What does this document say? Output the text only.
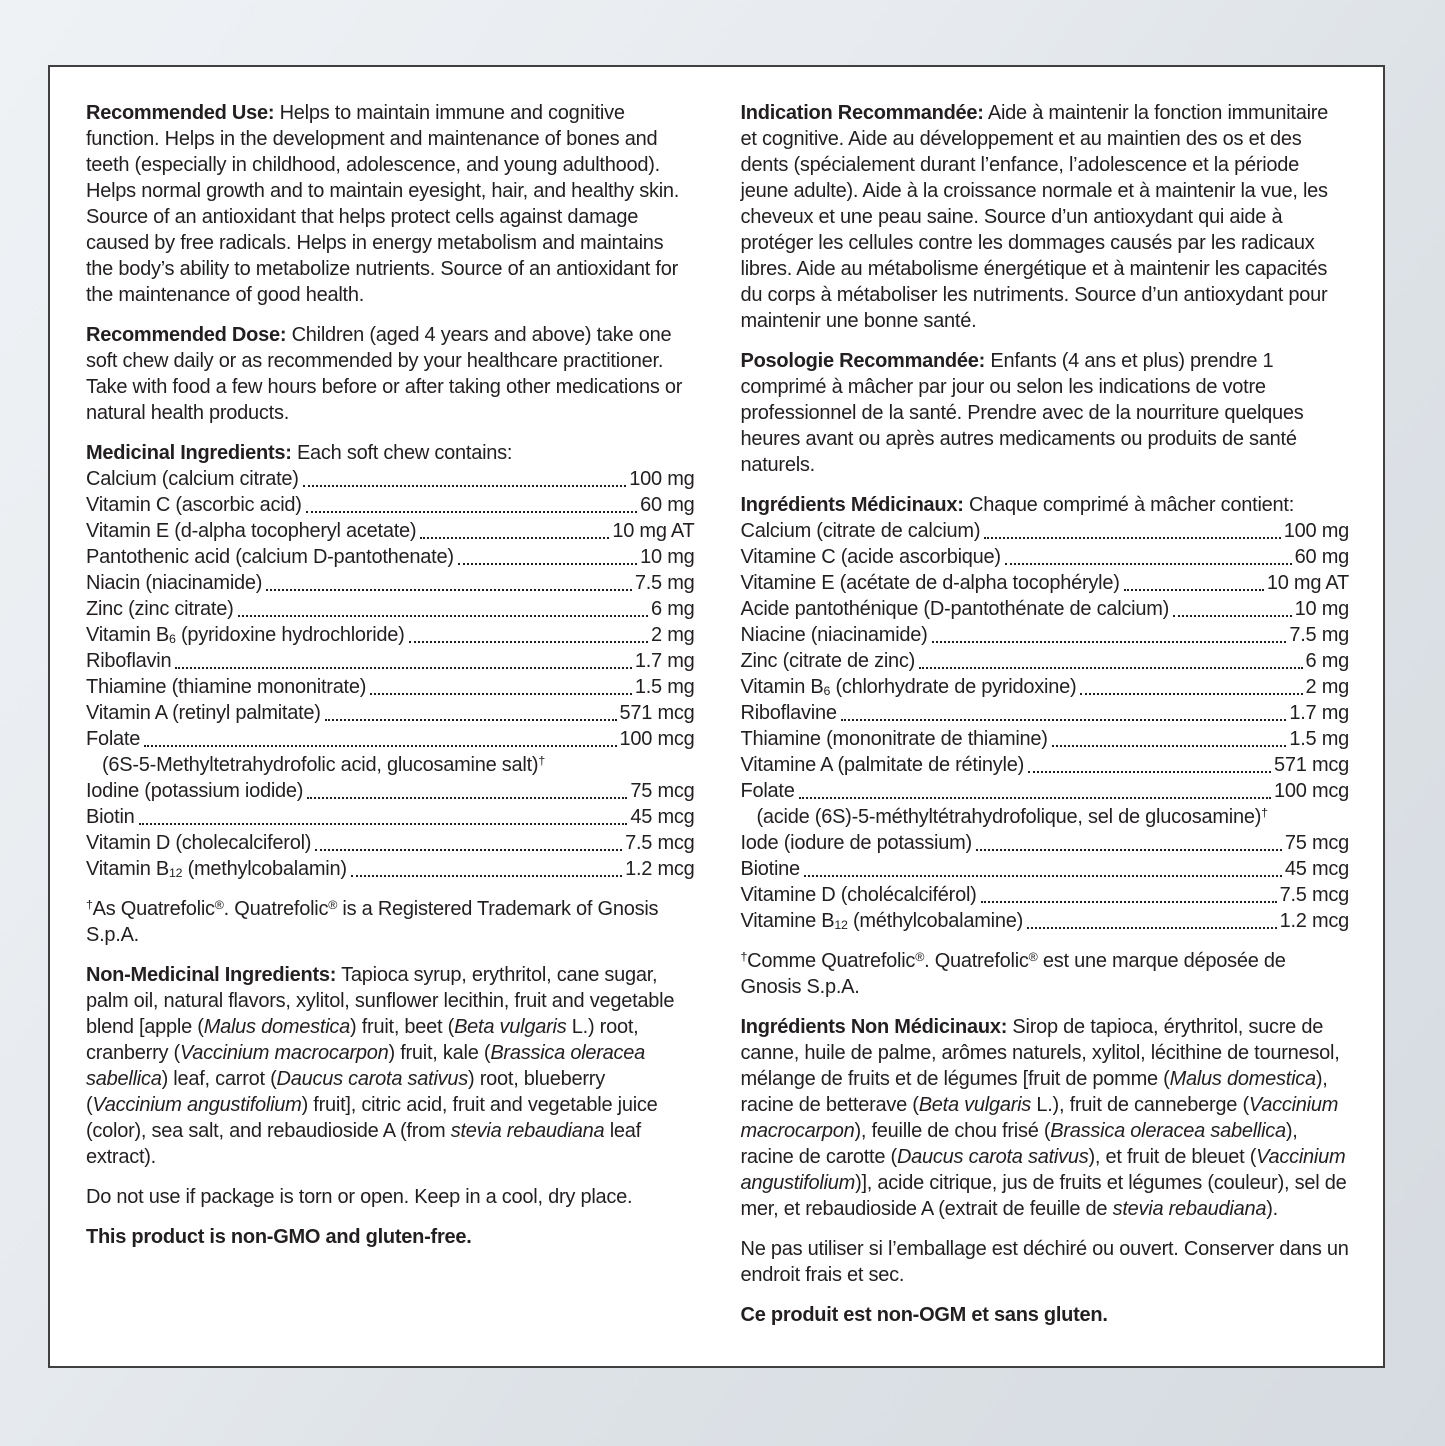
Recommended Use: Helps to maintain immune and cognitive function. Helps in the development and maintenance of bones and teeth (especially in childhood, adolescence, and young adulthood). Helps normal growth and to maintain eyesight, hair, and healthy skin. Source of an antioxidant that helps protect cells against damage caused by free radicals. Helps in energy metabolism and maintains the body’s ability to metabolize nutrients. Source of an antioxidant for the maintenance of good health.

Recommended Dose: Children (aged 4 years and above) take one soft chew daily or as recommended by your healthcare practitioner. Take with food a few hours before or after taking other medications or natural health products.

Medicinal Ingredients: Each soft chew contains:

Calcium (calcium citrate)	100 mg
Vitamin C (ascorbic acid)	60 mg
Vitamin E (d-alpha tocopheryl acetate)	10 mg AT
Pantothenic acid (calcium D-pantothenate)	10 mg
Niacin (niacinamide)	7.5 mg
Zinc (zinc citrate)	6 mg
Vitamin $B_6$ (pyridoxine hydrochloride)	2 mg
Riboflavin	1.7 mg
Thiamine (thiamine mononitrate)	1.5 mg
Vitamin A (retinyl palmitate)	571 mcg
Folate	100 mcg
(6S-5-Methyltetrahydrofolic acid, glucosamine salt)†
Iodine (potassium iodide)	75 mcg
Biotin	45 mcg
Vitamin D (cholecalciferol)	7.5 mcg
Vitamin $B_{12}$ (methylcobalamin)	1.2 mcg

†As Quatrefolic®. Quatrefolic® is a Registered Trademark of Gnosis S.p.A.

Non-Medicinal Ingredients: Tapioca syrup, erythritol, cane sugar, palm oil, natural flavors, xylitol, sunflower lecithin, fruit and vegetable blend [apple (Malus domestica) fruit, beet (Beta vulgaris L.) root, cranberry (Vaccinium macrocarpon) fruit, kale (Brassica oleracea sabellica) leaf, carrot (Daucus carota sativus) root, blueberry (Vaccinium angustifolium) fruit], citric acid, fruit and vegetable juice (color), sea salt, and rebaudioside A (from stevia rebaudiana leaf extract).

Do not use if package is torn or open. Keep in a cool, dry place.

This product is non-GMO and gluten-free.

Indication Recommandée: Aide à maintenir la fonction immunitaire et cognitive. Aide au développement et au maintien des os et des dents (spécialement durant l’enfance, l’adolescence et la période jeune adulte). Aide à la croissance normale et à maintenir la vue, les cheveux et une peau saine. Source d’un antioxydant qui aide à protéger les cellules contre les dommages causés par les radicaux libres. Aide au métabolisme énergétique et à maintenir les capacités du corps à métaboliser les nutriments. Source d’un antioxydant pour maintenir une bonne santé.

Posologie Recommandée: Enfants (4 ans et plus) prendre 1 comprimé à mâcher par jour ou selon les indications de votre professionnel de la santé. Prendre avec de la nourriture quelques heures avant ou après autres medicaments ou produits de santé naturels.

Ingrédients Médicinaux: Chaque comprimé à mâcher contient:

Calcium (citrate de calcium)	100 mg
Vitamine C (acide ascorbique)	60 mg
Vitamine E (acétate de d-alpha tocophéryle)	10 mg AT
Acide pantothénique (D-pantothénate de calcium)	10 mg
Niacine (niacinamide)	7.5 mg
Zinc (citrate de zinc)	6 mg
Vitamin $B_6$ (chlorhydrate de pyridoxine)	2 mg
Riboflavine	1.7 mg
Thiamine (mononitrate de thiamine)	1.5 mg
Vitamine A (palmitate de rétinyle)	571 mcg
Folate	100 mcg
(acide (6S)-5-méthyltétrahydrofolique, sel de glucosamine)†
Iode (iodure de potassium)	75 mcg
Biotine	45 mcg
Vitamine D (cholécalciférol)	7.5 mcg
Vitamine $B_{12}$ (méthylcobalamine)	1.2 mcg

†Comme Quatrefolic®. Quatrefolic® est une marque déposée de Gnosis S.p.A.

Ingrédients Non Médicinaux: Sirop de tapioca, érythritol, sucre de canne, huile de palme, arômes naturels, xylitol, lécithine de tournesol, mélange de fruits et de légumes [fruit de pomme (Malus domestica), racine de betterave (Beta vulgaris L.), fruit de canneberge (Vaccinium macrocarpon), feuille de chou frisé (Brassica oleracea sabellica), racine de carotte (Daucus carota sativus), et fruit de bleuet (Vaccinium angustifolium)], acide citrique, jus de fruits et légumes (couleur), sel de mer, et rebaudioside A (extrait de feuille de stevia rebaudiana).

Ne pas utiliser si l’emballage est déchiré ou ouvert. Conserver dans un endroit frais et sec.

Ce produit est non-OGM et sans gluten.
